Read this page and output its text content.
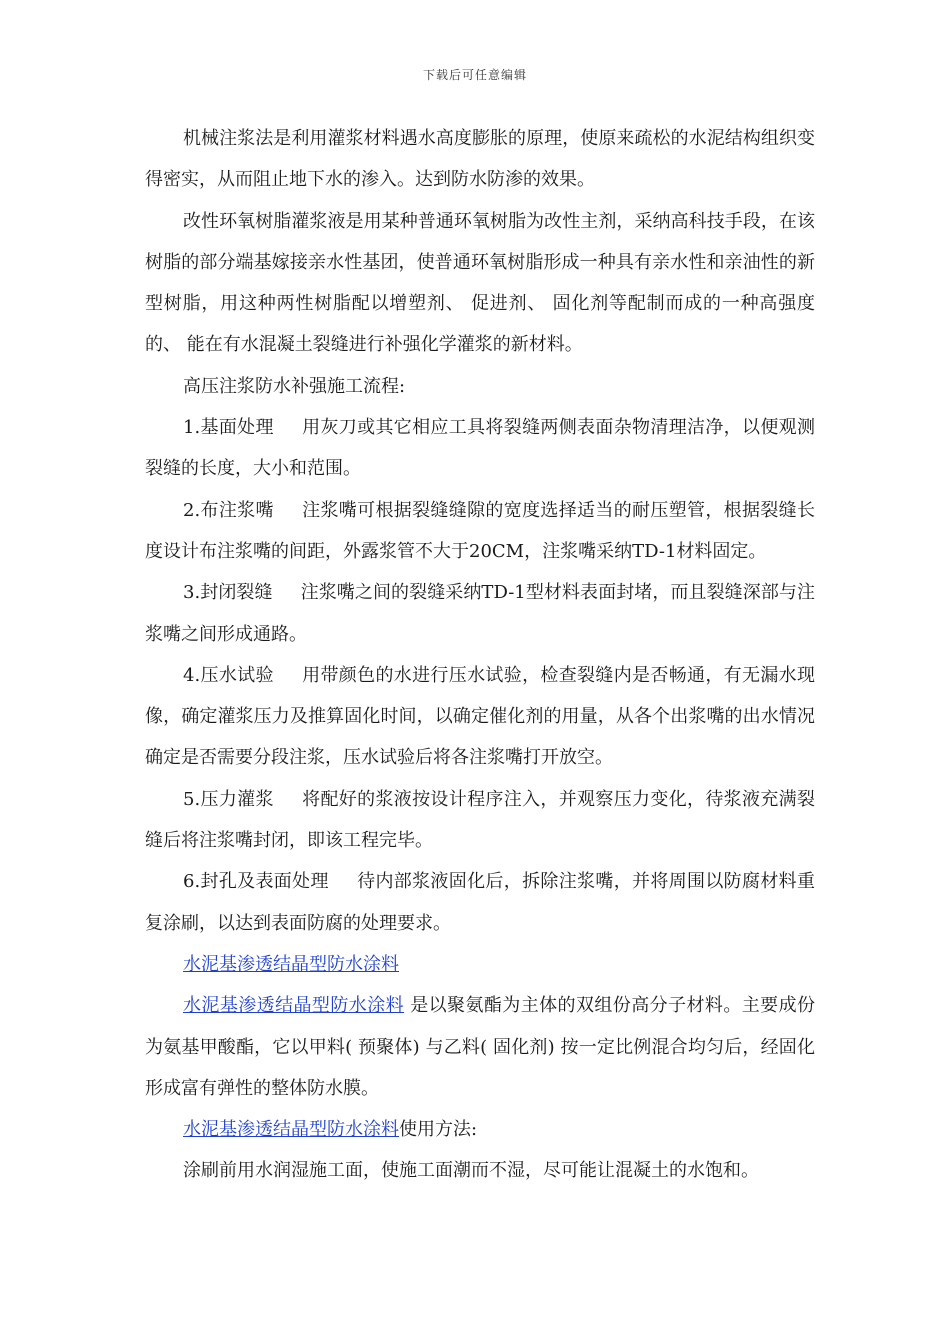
下载后可任意编辑

机械注浆法是利用灌浆材料遇水高度膨胀的原理，使原来疏松的水泥结构组织变得密实，从而阻止地下水的渗入。达到防水防渗的效果。

改性环氧树脂灌浆液是用某种普通环氧树脂为改性主剂，采纳高科技手段，在该树脂的部分端基嫁接亲水性基团，使普通环氧树脂形成一种具有亲水性和亲油性的新型树脂，用这种两性树脂配以增塑剂、 促进剂、 固化剂等配制而成的一种高强度的、 能在有水混凝土裂缝进行补强化学灌浆的新材料。

高压注浆防水补强施工流程:

1.基面处理 用灰刀或其它相应工具将裂缝两侧表面杂物清理洁净，以便观测裂缝的长度，大小和范围。

2.布注浆嘴 注浆嘴可根据裂缝缝隙的宽度选择适当的耐压塑管，根据裂缝长度设计布注浆嘴的间距，外露浆管不大于20CM，注浆嘴采纳TD-1材料固定。

3.封闭裂缝 注浆嘴之间的裂缝采纳TD-1型材料表面封堵，而且裂缝深部与注浆嘴之间形成通路。

4.压水试验 用带颜色的水进行压水试验，检查裂缝内是否畅通，有无漏水现像，确定灌浆压力及推算固化时间，以确定催化剂的用量，从各个出浆嘴的出水情况确定是否需要分段注浆，压水试验后将各注浆嘴打开放空。

5.压力灌浆 将配好的浆液按设计程序注入，并观察压力变化，待浆液充满裂缝后将注浆嘴封闭，即该工程完毕。

6.封孔及表面处理 待内部浆液固化后，拆除注浆嘴，并将周围以防腐材料重复涂刷，以达到表面防腐的处理要求。

水泥基渗透结晶型防水涂料

水泥基渗透结晶型防水涂料 是以聚氨酯为主体的双组份高分子材料。主要成份为氨基甲酸酯，它以甲料( 预聚体) 与乙料( 固化剂) 按一定比例混合均匀后，经固化形成富有弹性的整体防水膜。

水泥基渗透结晶型防水涂料使用方法:

涂刷前用水润湿施工面，使施工面潮而不湿，尽可能让混凝土的水饱和。
